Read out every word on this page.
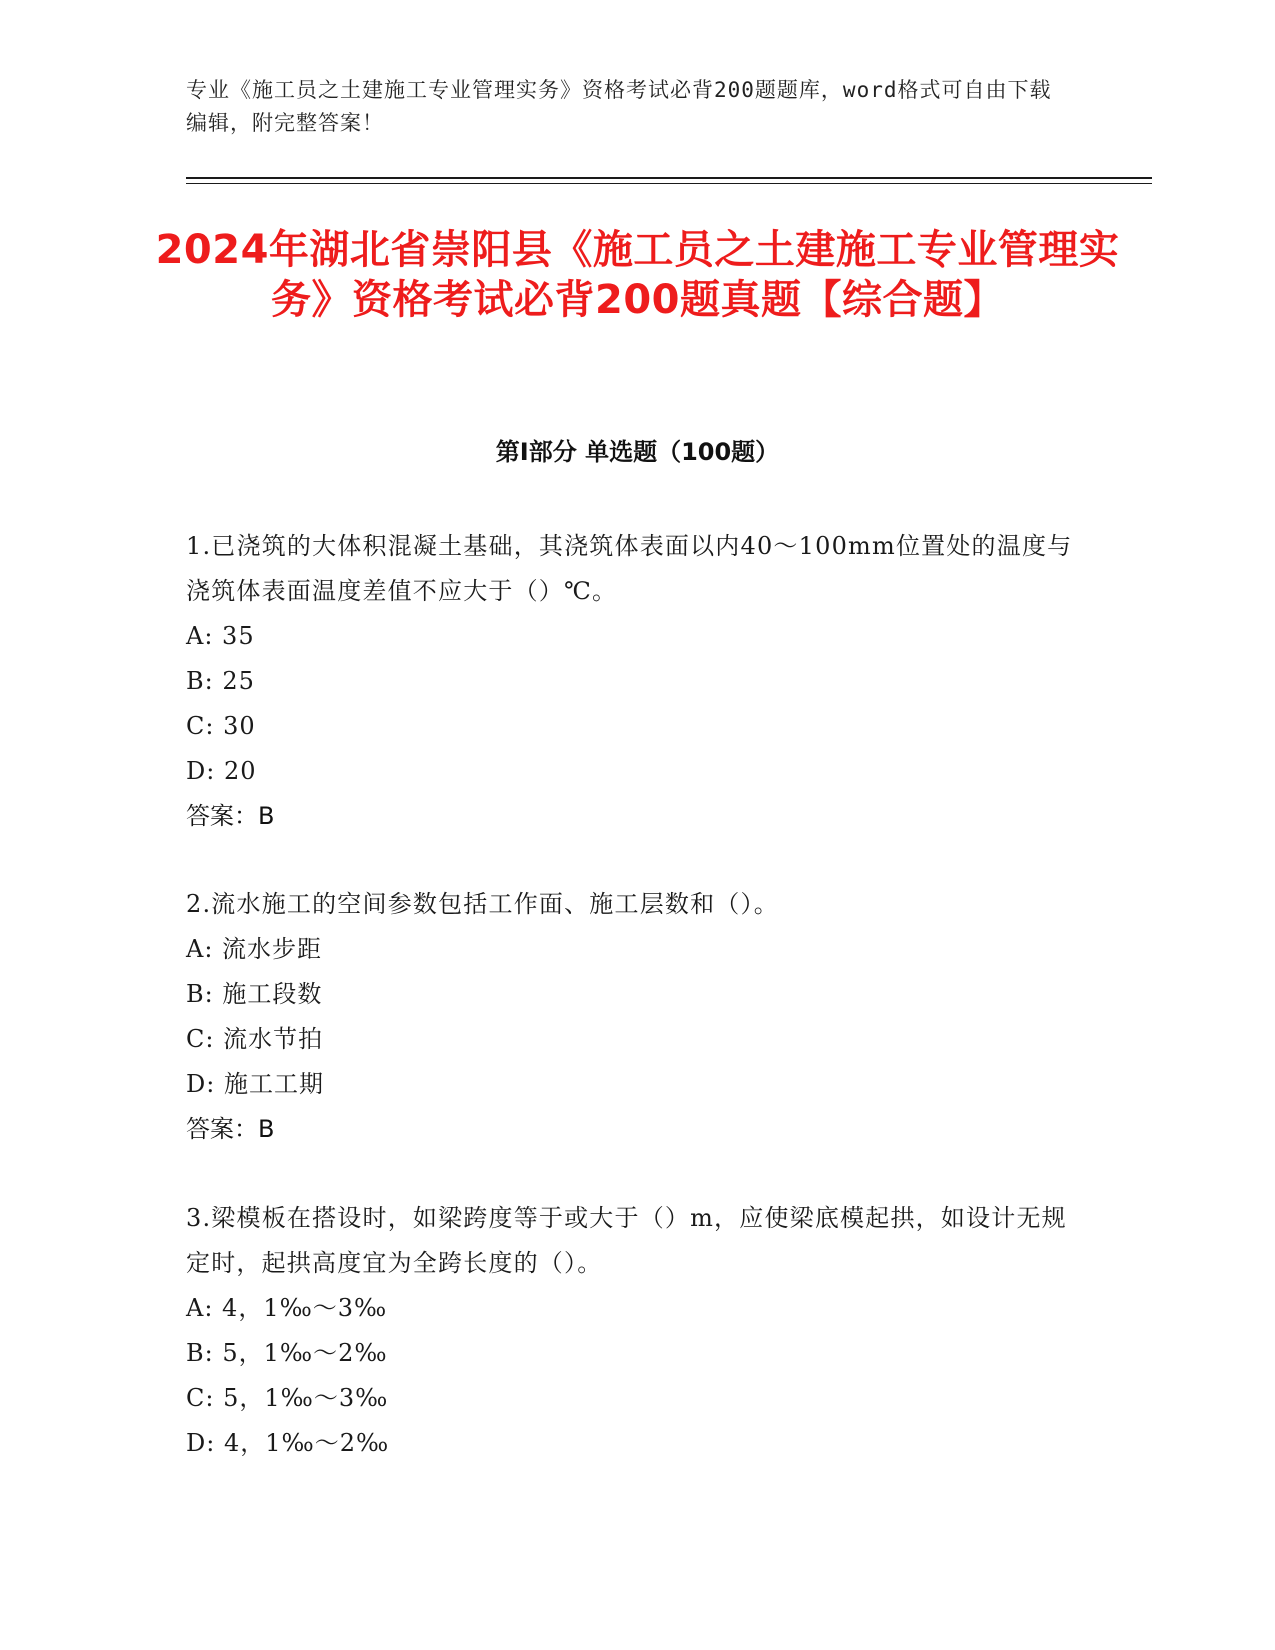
专业《施工员之土建施工专业管理实务》资格考试必背200题题库，word格式可自由下载编辑，附完整答案！
2024年湖北省崇阳县《施工员之土建施工专业管理实务》资格考试必背200题真题【综合题】
第Ⅰ部分 单选题（100题）

1.已浇筑的大体积混凝土基础，其浇筑体表面以内40～100mm位置处的温度与浇筑体表面温度差值不应大于（）℃。

A: 35

B: 25

C: 30

D: 20

答案：B

2.流水施工的空间参数包括工作面、施工层数和（）。

A: 流水步距

B: 施工段数

C: 流水节拍

D: 施工工期

答案：B

3.梁模板在搭设时，如梁跨度等于或大于（）m，应使梁底模起拱，如设计无规定时，起拱高度宜为全跨长度的（）。

A: 4，1‰～3‰

B: 5，1‰～2‰

C: 5，1‰～3‰

D: 4，1‰～2‰
